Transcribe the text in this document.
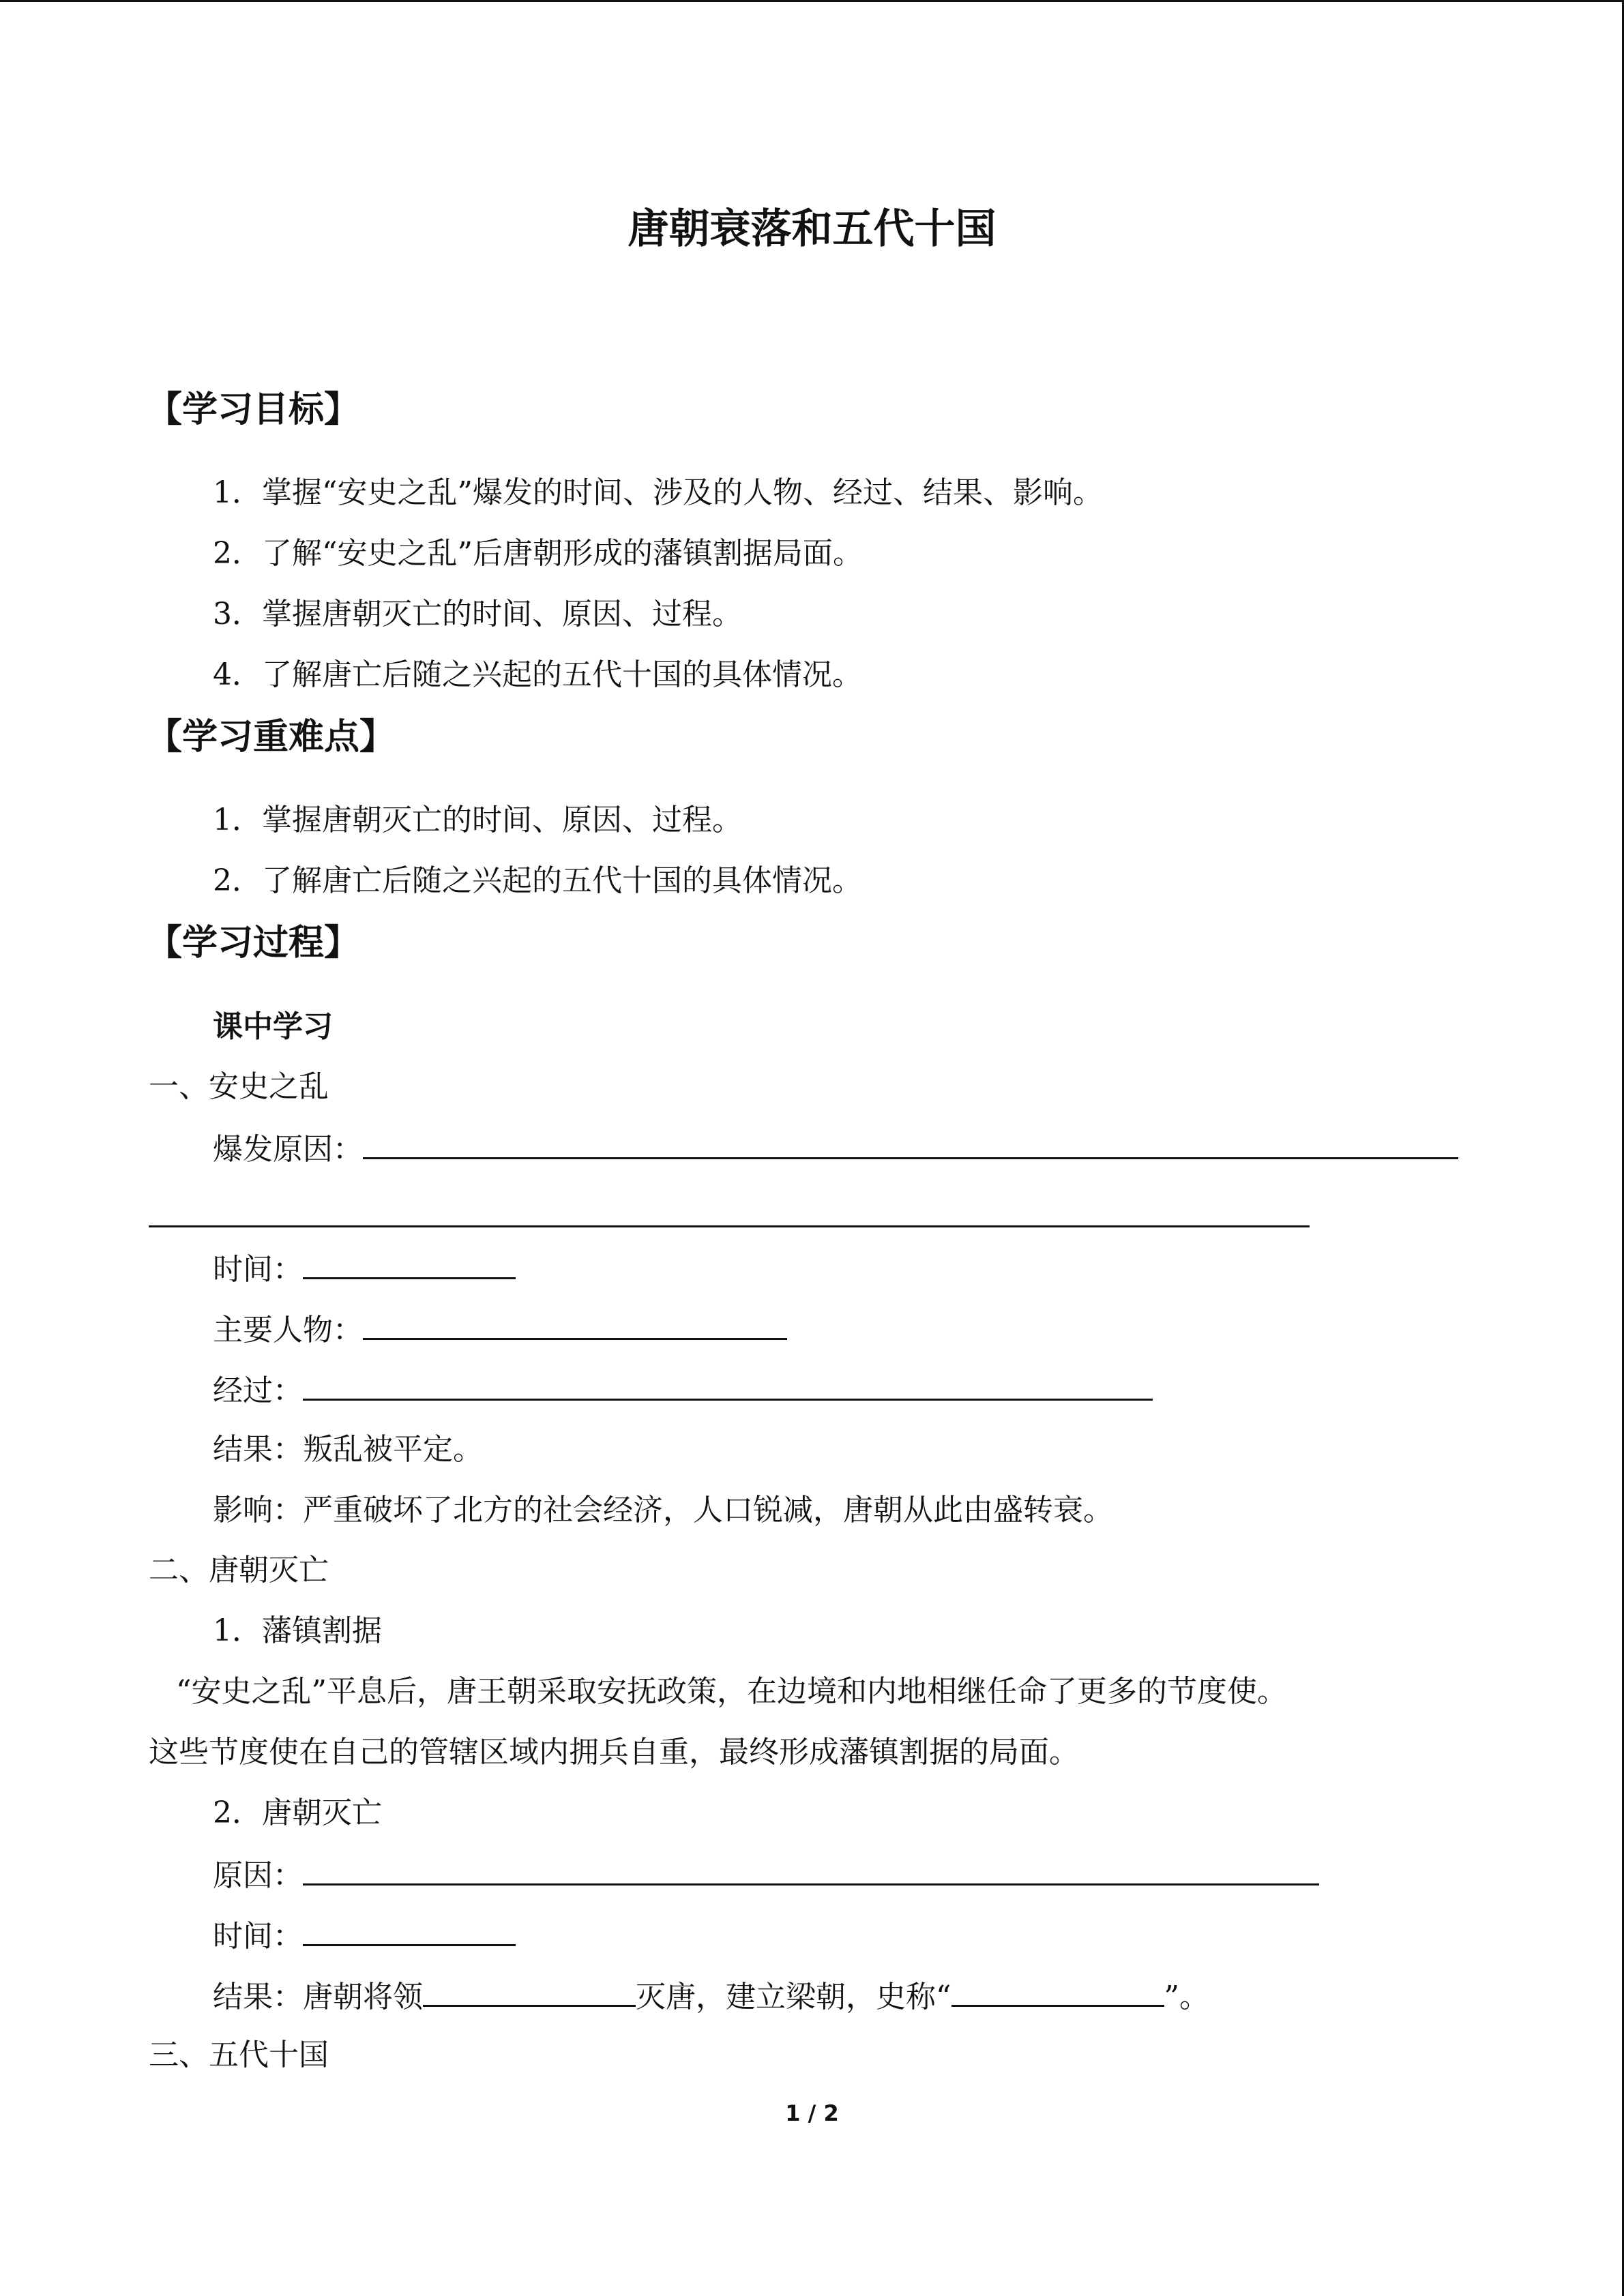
唐朝衰落和五代十国
【学习目标】
1．掌握“安史之乱”爆发的时间、涉及的人物、经过、结果、影响。
2．了解“安史之乱”后唐朝形成的藩镇割据局面。
3．掌握唐朝灭亡的时间、原因、过程。
4．了解唐亡后随之兴起的五代十国的具体情况。
【学习重难点】
1．掌握唐朝灭亡的时间、原因、过程。
2．了解唐亡后随之兴起的五代十国的具体情况。
【学习过程】
课中学习
一、安史之乱
爆发原因：
时间：
主要人物：
经过：
结果：叛乱被平定。
影响：严重破坏了北方的社会经济，人口锐减，唐朝从此由盛转衰。
二、唐朝灭亡
1．藩镇割据
“安史之乱”平息后，唐王朝采取安抚政策，在边境和内地相继任命了更多的节度使。
这些节度使在自己的管辖区域内拥兵自重，最终形成藩镇割据的局面。
2．唐朝灭亡
原因：
时间：
结果：唐朝将领	灭唐，建立梁朝，史称“	”。
三、五代十国
1 / 2
